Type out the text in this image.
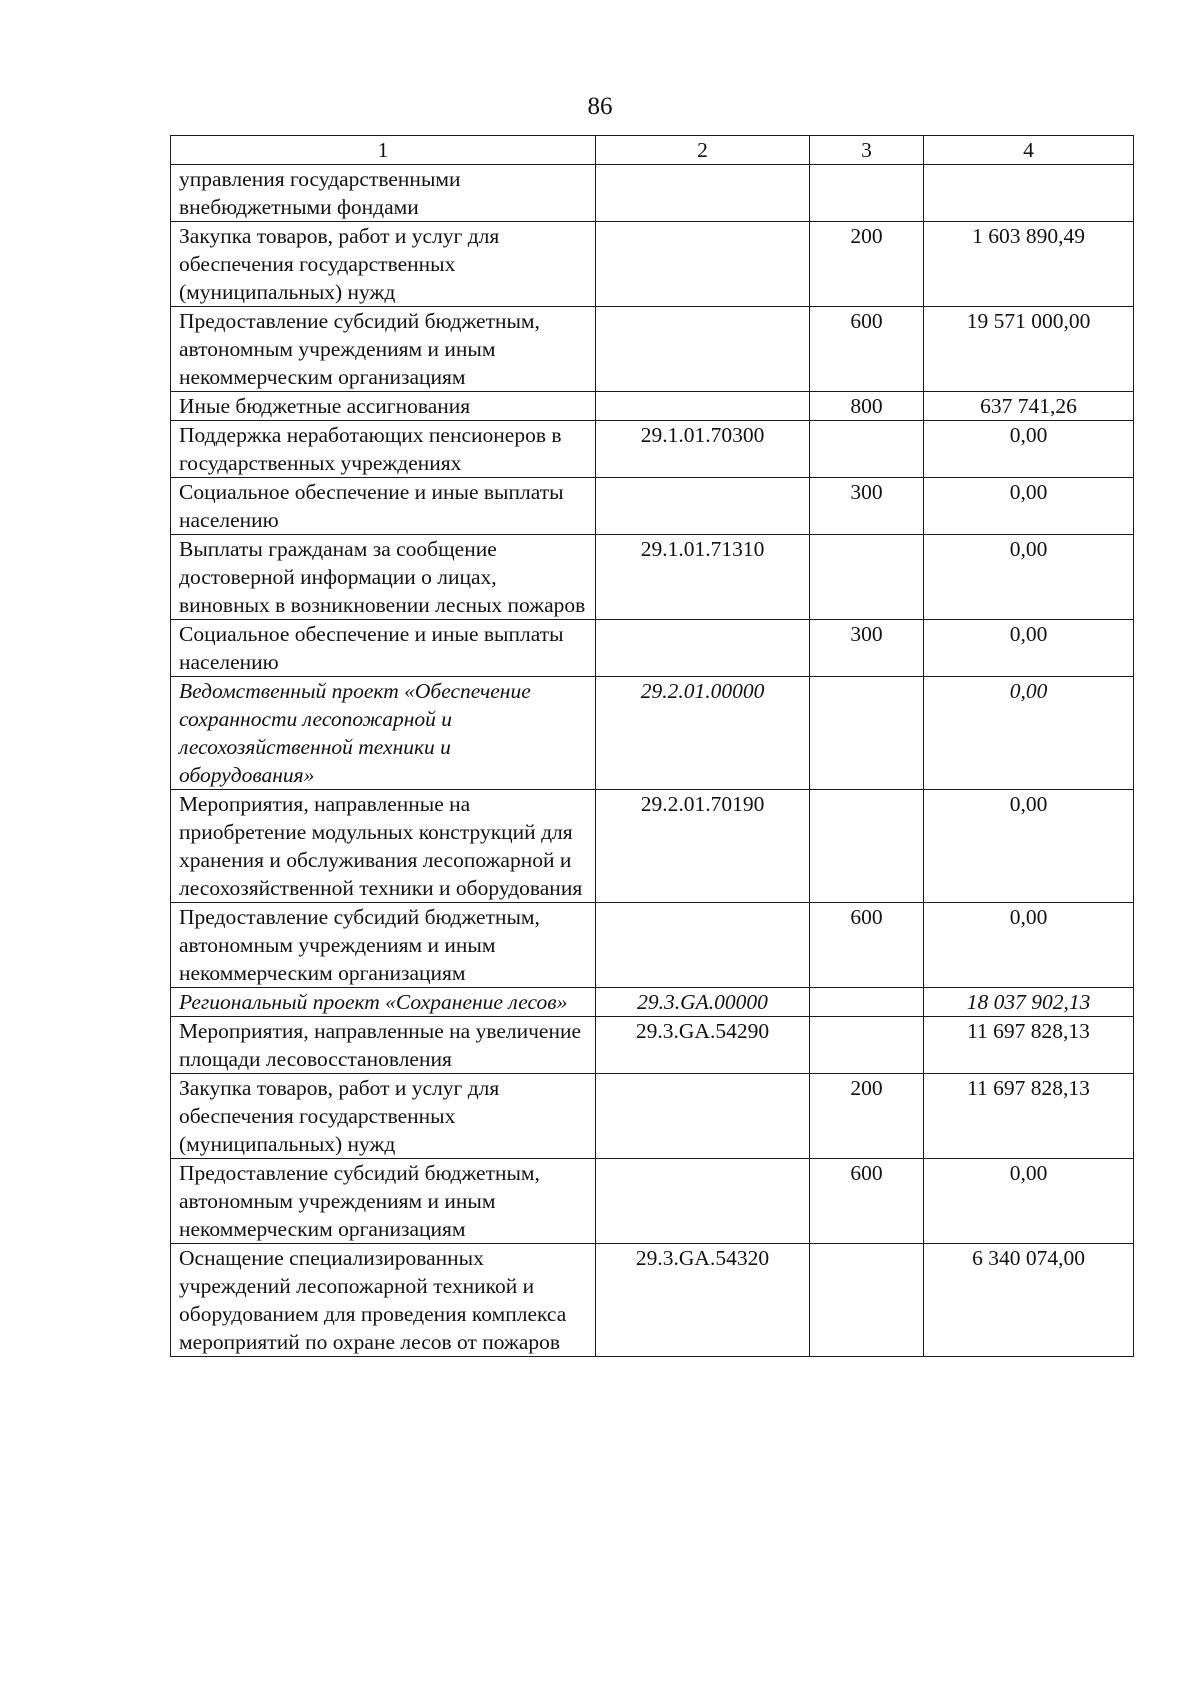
86
1	2	3	4
управления государственными внебюджетными фондами			
Закупка товаров, работ и услуг для обеспечения государственных (муниципальных) нужд		200	1 603 890,49
Предоставление субсидий бюджетным, автономным учреждениям и иным некоммерческим организациям		600	19 571 000,00
Иные бюджетные ассигнования		800	637 741,26
Поддержка неработающих пенсионеров в государственных учреждениях	29.1.01.70300		0,00
Социальное обеспечение и иные выплаты населению		300	0,00
Выплаты гражданам за сообщение достоверной информации о лицах, виновных в возникновении лесных пожаров	29.1.01.71310		0,00
Социальное обеспечение и иные выплаты населению		300	0,00
Ведомственный проект «Обеспечение сохранности лесопожарной и лесохозяйственной техники и оборудования»	29.2.01.00000		0,00
Мероприятия, направленные на приобретение модульных конструкций для хранения и обслуживания лесопожарной и лесохозяйственной техники и оборудования	29.2.01.70190		0,00
Предоставление субсидий бюджетным, автономным учреждениям и иным некоммерческим организациям		600	0,00
Региональный проект «Сохранение лесов»	29.3.GA.00000		18 037 902,13
Мероприятия, направленные на увеличение площади лесовосстановления	29.3.GA.54290		11 697 828,13
Закупка товаров, работ и услуг для обеспечения государственных (муниципальных) нужд		200	11 697 828,13
Предоставление субсидий бюджетным, автономным учреждениям и иным некоммерческим организациям		600	0,00
Оснащение специализированных учреждений лесопожарной техникой и оборудованием для проведения комплекса мероприятий по охране лесов от пожаров	29.3.GA.54320		6 340 074,00
